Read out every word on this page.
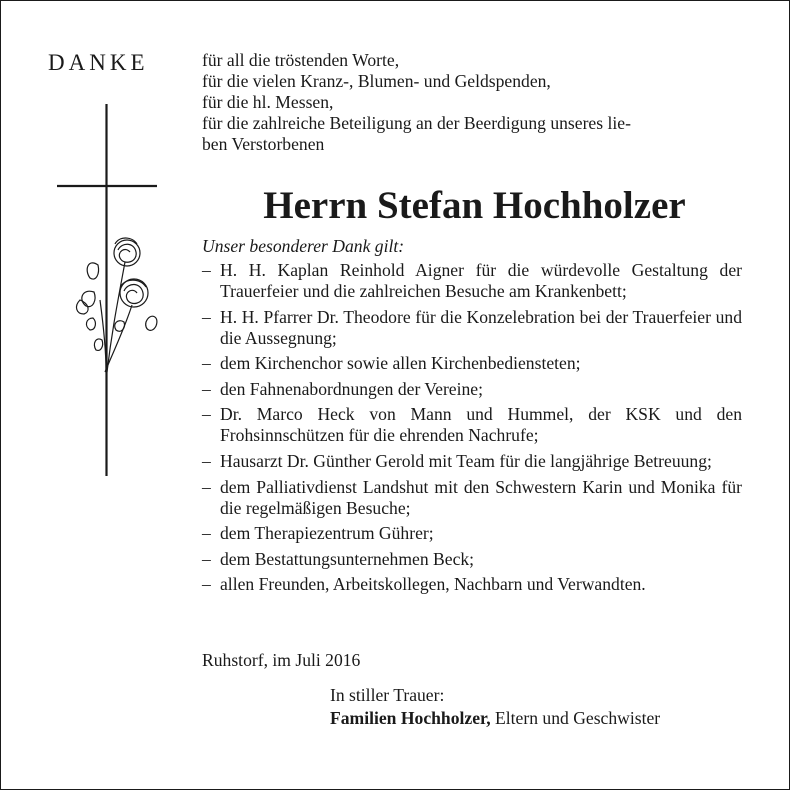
DANKE	für all die tröstenden Worte,
für die vielen Kranz-, Blumen- und Geldspenden,
für die hl. Messen,
für die zahlreiche Beteiligung an der Beerdigung unseres lie-
ben Verstorbenen
Herrn Stefan Hochholzer
Unser besonderer Dank gilt:
– H. H. Kaplan Reinhold Aigner für die würdevolle Gestaltung der Trauerfeier und die zahlreichen Besuche am Krankenbett;
– H. H. Pfarrer Dr. Theodore für die Konzelebration bei der Trauerfeier und die Aussegnung;
– dem Kirchenchor sowie allen Kirchenbediensteten;
– den Fahnenabordnungen der Vereine;
– Dr. Marco Heck von Mann und Hummel, der KSK und den Frohsinnschützen für die ehrenden Nachrufe;
– Hausarzt Dr. Günther Gerold mit Team für die langjährige Betreuung;
– dem Palliativdienst Landshut mit den Schwestern Karin und Monika für die regelmäßigen Besuche;
– dem Therapiezentrum Gührer;
– dem Bestattungsunternehmen Beck;
– allen Freunden, Arbeitskollegen, Nachbarn und Verwandten.
Ruhstorf, im Juli 2016
In stiller Trauer:
Familien Hochholzer, Eltern und Geschwister
